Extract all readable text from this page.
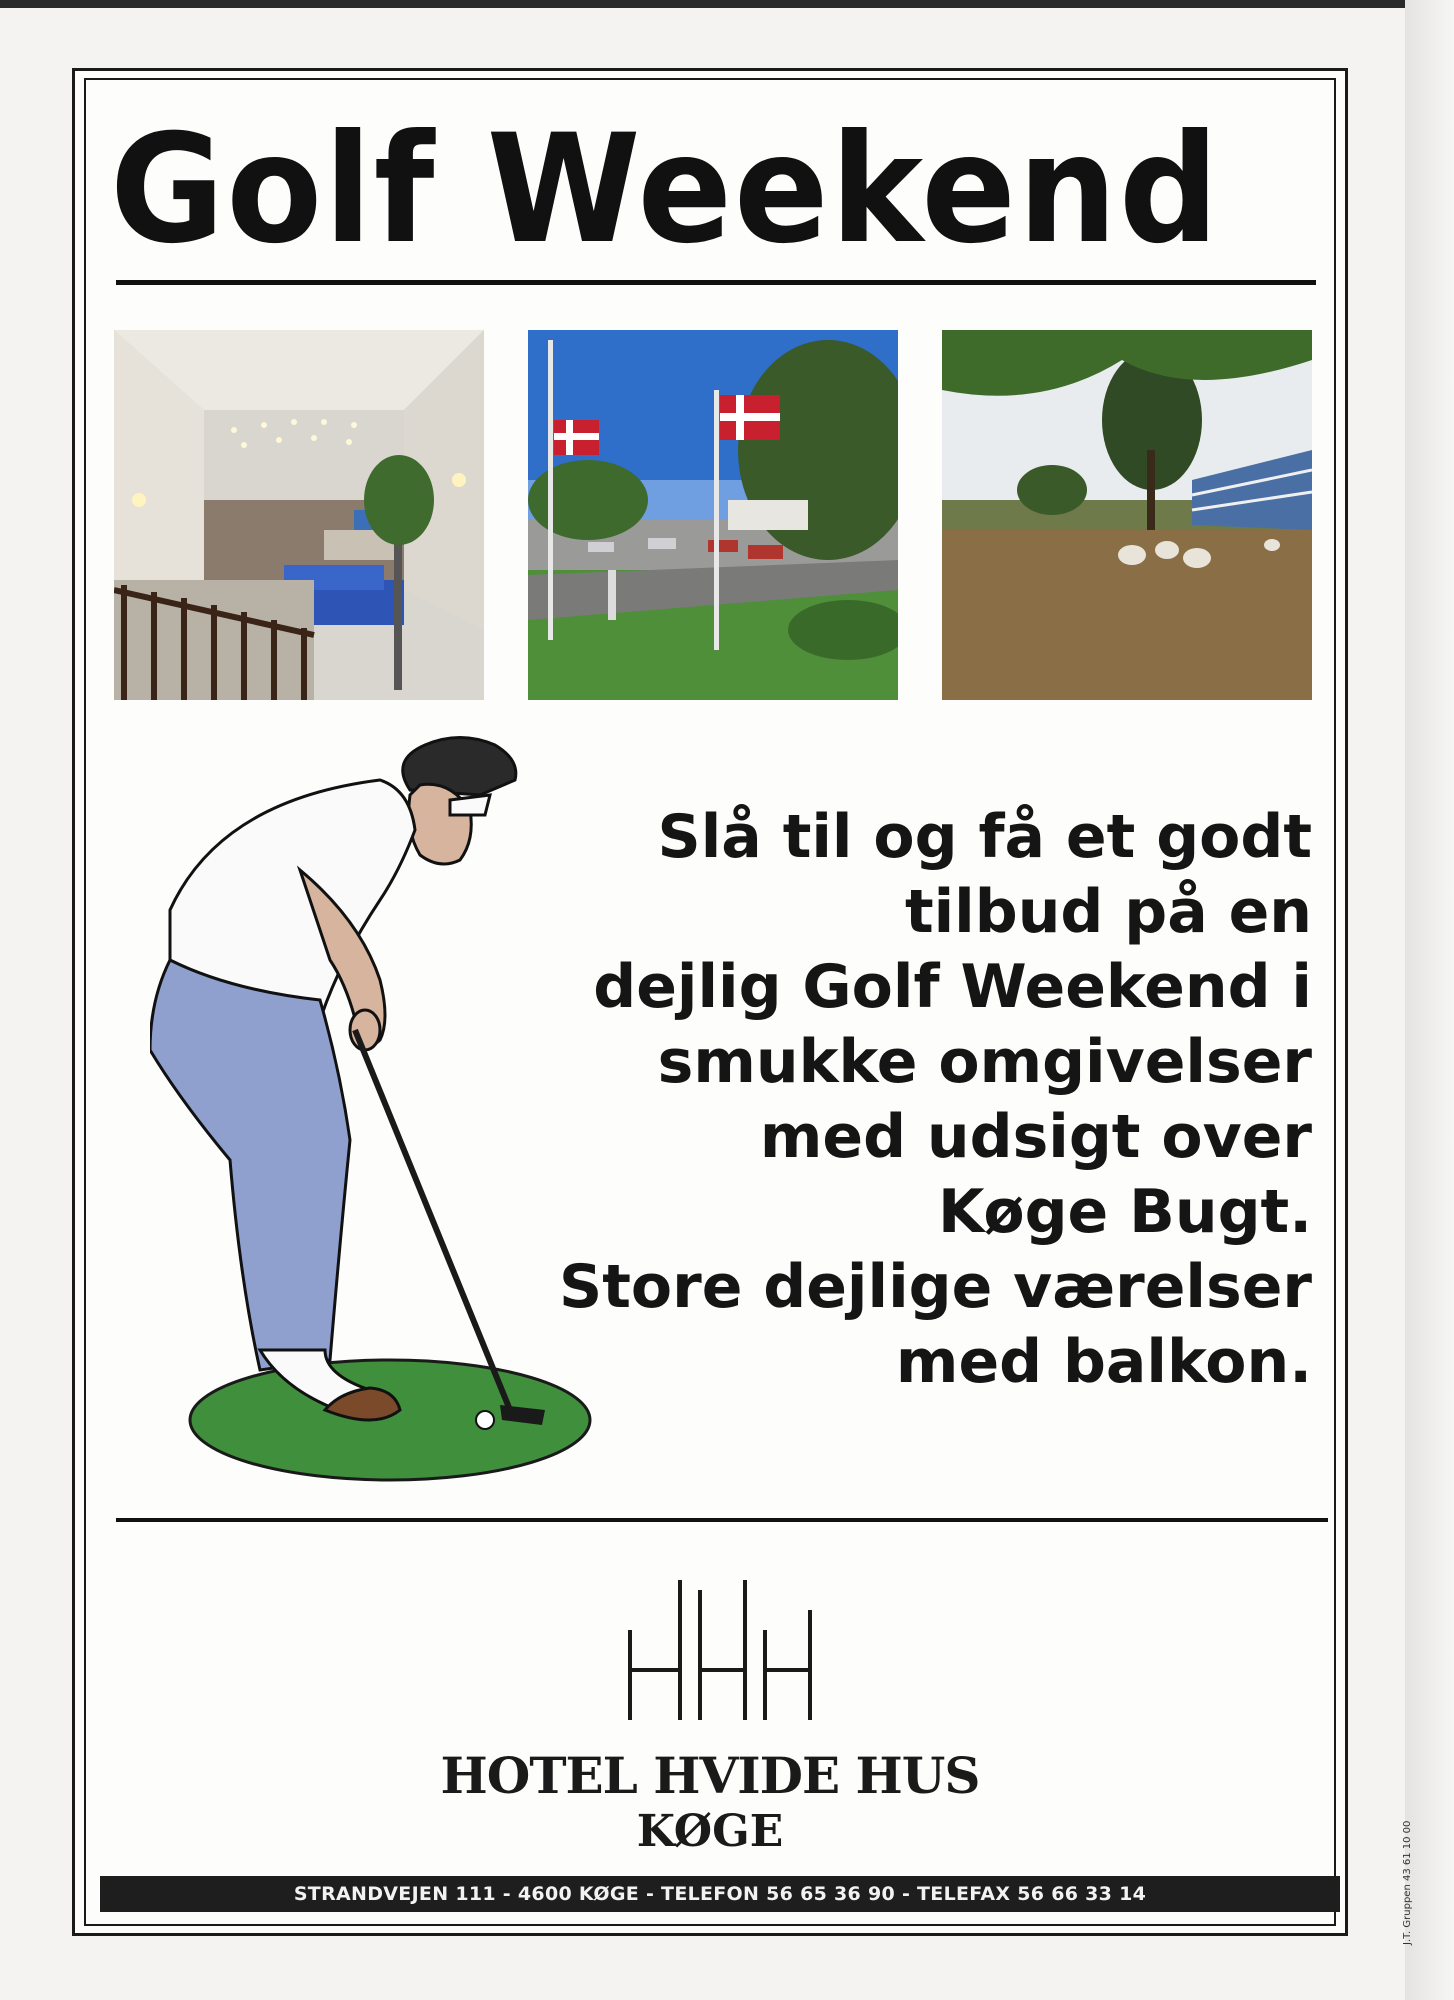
Golf Weekend
Slå til og få et godt
tilbud på en
dejlig Golf Weekend i
smukke omgivelser
med udsigt over
Køge Bugt.
Store dejlige værelser
med balkon.
HOTEL HVIDE HUS
KØGE
STRANDVEJEN 111 - 4600 KØGE - TELEFON 56 65 36 90 - TELEFAX 56 66 33 14	J.T. Gruppen 43 61 10 00
